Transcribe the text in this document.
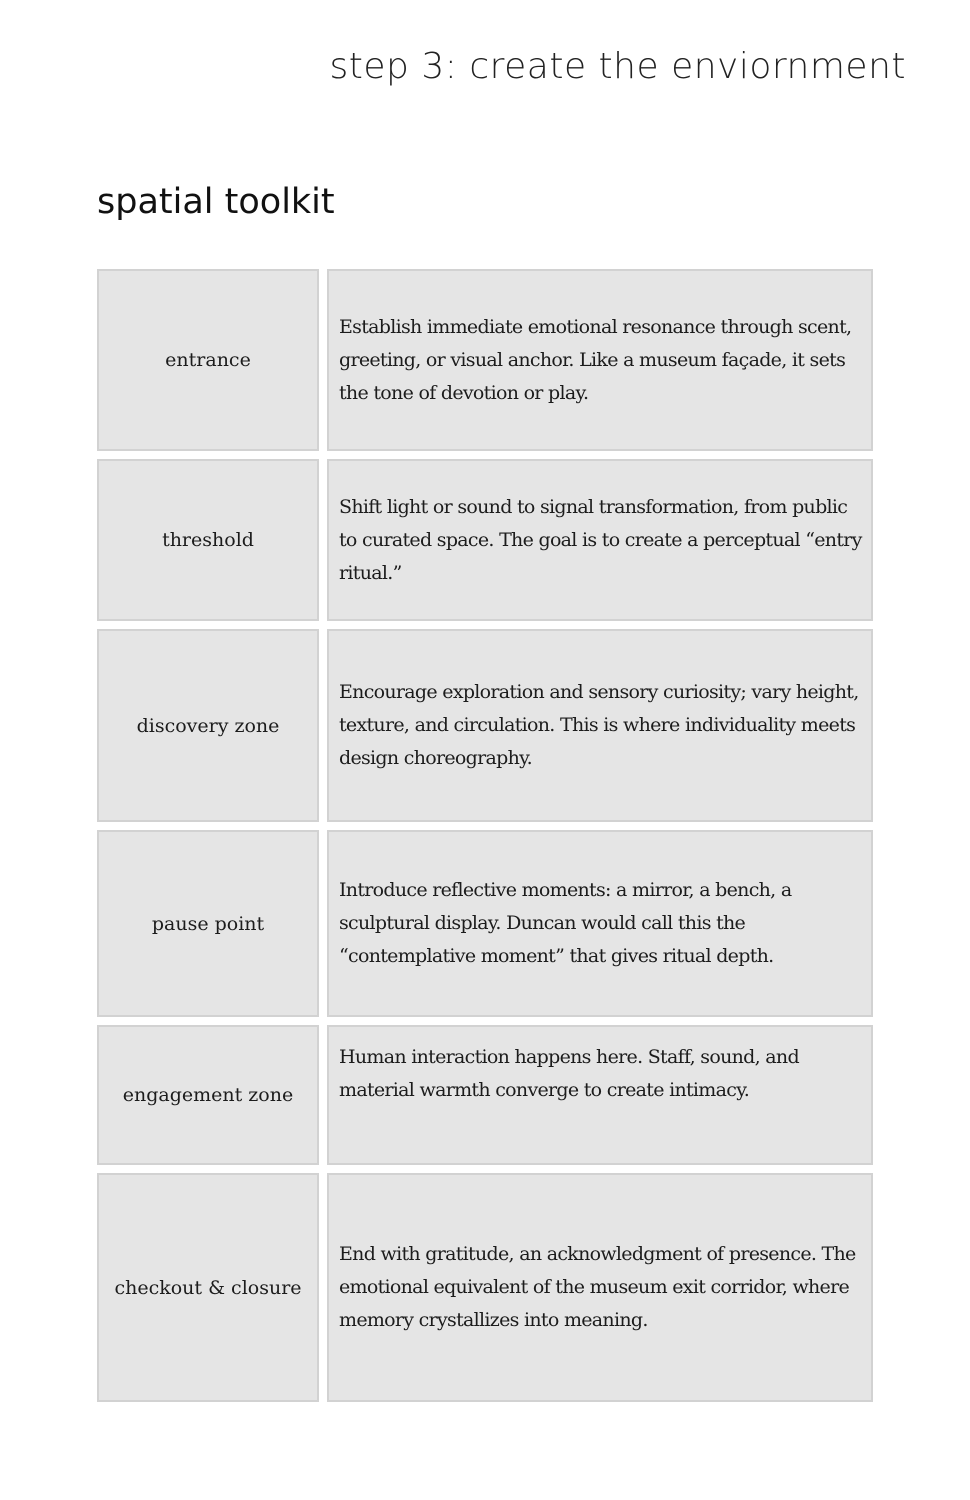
step 3: create the enviornment
spatial toolkit
entrance
Establish immediate emotional resonance through scent, greeting, or visual anchor. Like a museum façade, it sets the tone of devotion or play.
threshold
Shift light or sound to signal transformation, from public to curated space. The goal is to create a perceptual “entry ritual.”
discovery zone
Encourage exploration and sensory curiosity; vary height, texture, and circulation. This is where individuality meets design choreography.
pause point
Introduce reflective moments: a mirror, a bench, a sculptural display. Duncan would call this the “contemplative moment” that gives ritual depth.
engagement zone
Human interaction happens here. Staff, sound, and material warmth converge to create intimacy.
checkout & closure
End with gratitude, an acknowledgment of presence. The emotional equivalent of the museum exit corridor, where memory crystallizes into meaning.
